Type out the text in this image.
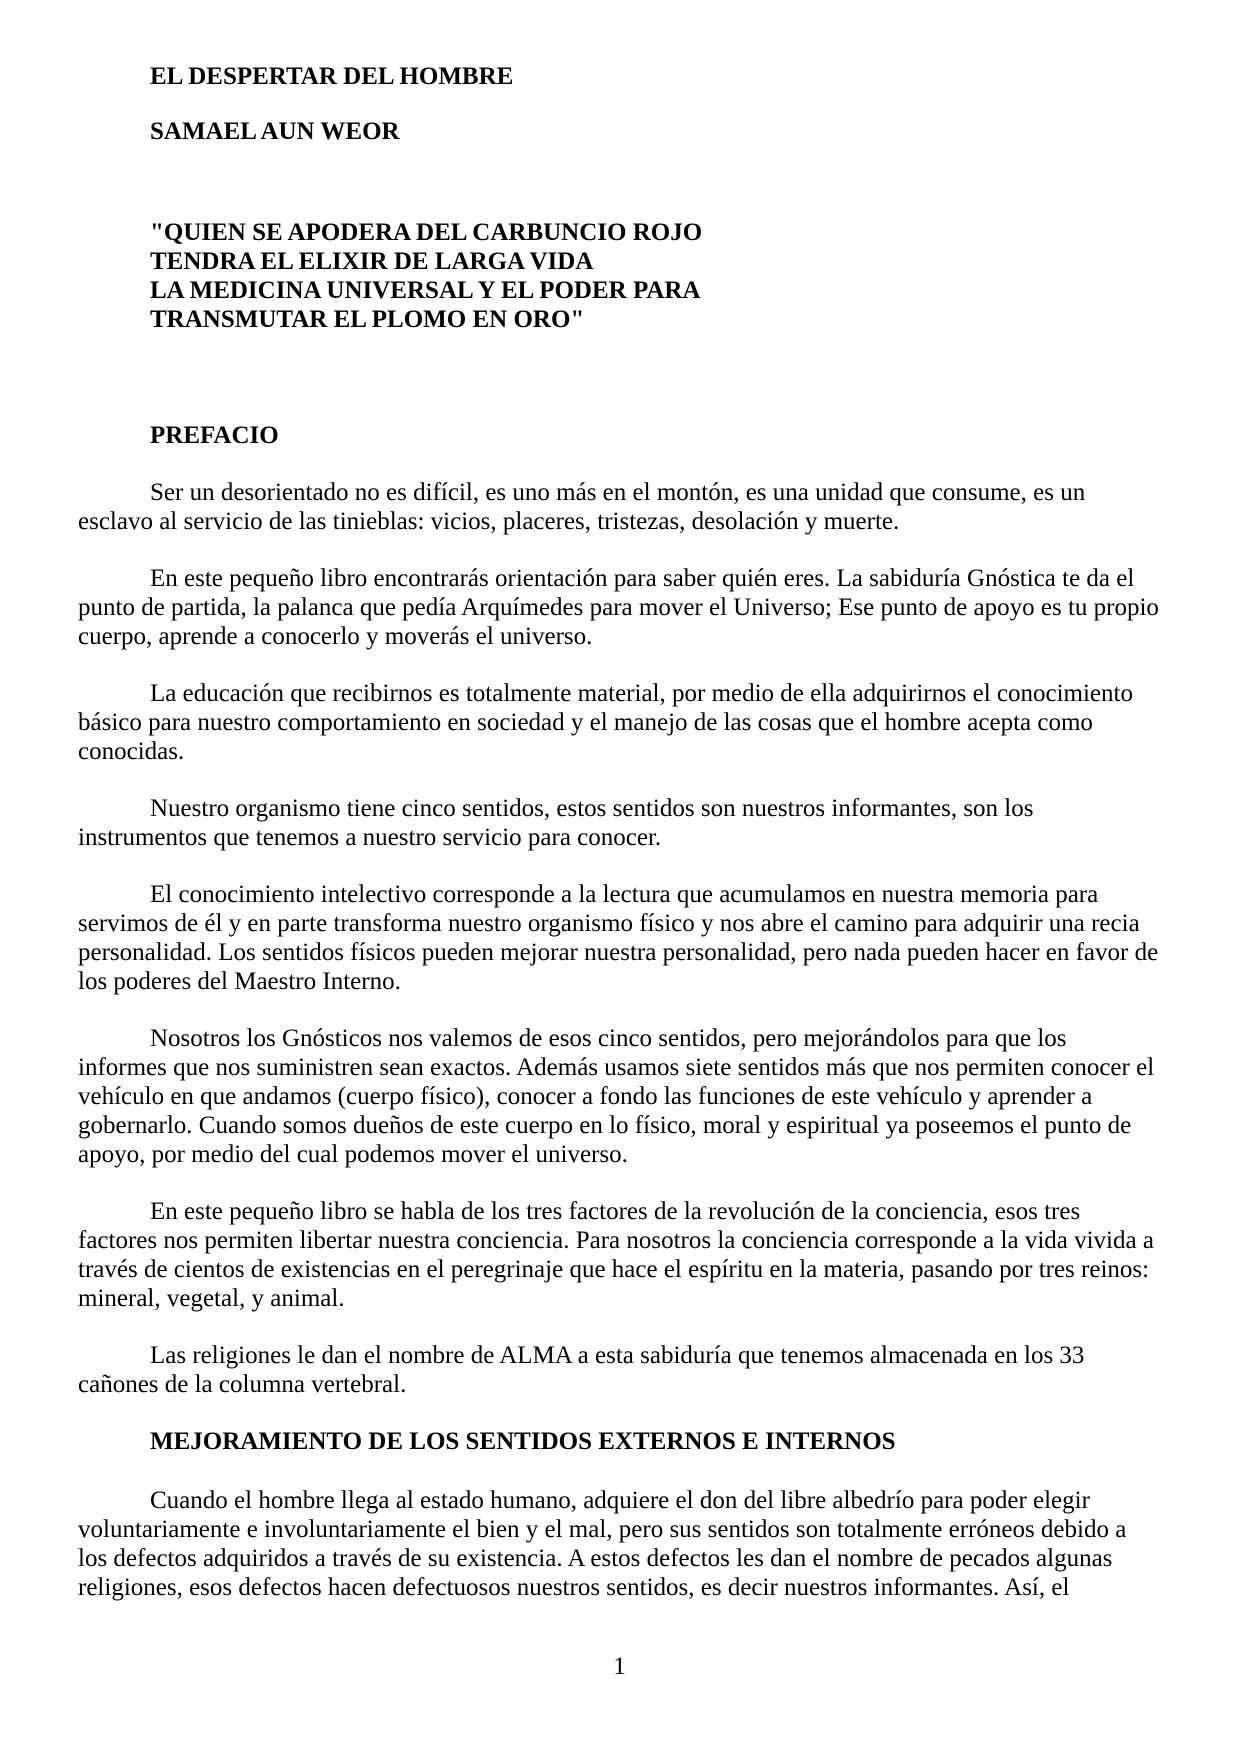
EL DESPERTAR DEL HOMBRE
SAMAEL AUN WEOR
"QUIEN SE APODERA DEL CARBUNCIO ROJO
TENDRA EL ELIXIR DE LARGA VIDA
LA MEDICINA UNIVERSAL Y EL PODER PARA
TRANSMUTAR EL PLOMO EN ORO"
PREFACIO

Ser un desorientado no es difícil, es uno más en el montón, es una unidad que consume, es un esclavo al servicio de las tinieblas: vicios, placeres, tristezas, desolación y muerte.

En este pequeño libro encontrarás orientación para saber quién eres. La sabiduría Gnóstica te da el punto de partida, la palanca que pedía Arquímedes para mover el Universo; Ese punto de apoyo es tu propio cuerpo, aprende a conocerlo y moverás el universo.

La educación que recibirnos es totalmente material, por medio de ella adquirirnos el conocimiento básico para nuestro comportamiento en sociedad y el manejo de las cosas que el hombre acepta como conocidas.

Nuestro organismo tiene cinco sentidos, estos sentidos son nuestros informantes, son los instrumentos que tenemos a nuestro servicio para conocer.

El conocimiento intelectivo corresponde a la lectura que acumulamos en nuestra memoria para servimos de él y en parte transforma nuestro organismo físico y nos abre el camino para adquirir una recia personalidad. Los sentidos físicos pueden mejorar nuestra personalidad, pero nada pueden hacer en favor de los poderes del Maestro Interno.

Nosotros los Gnósticos nos valemos de esos cinco sentidos, pero mejorándolos para que los informes que nos suministren sean exactos. Además usamos siete sentidos más que nos permiten conocer el vehículo en que andamos (cuerpo físico), conocer a fondo las funciones de este vehículo y aprender a gobernarlo. Cuando somos dueños de este cuerpo en lo físico, moral y espiritual ya poseemos el punto de apoyo, por medio del cual podemos mover el universo.

En este pequeño libro se habla de los tres factores de la revolución de la conciencia, esos tres factores nos permiten libertar nuestra conciencia. Para nosotros la conciencia corresponde a la vida vivida a través de cientos de existencias en el peregrinaje que hace el espíritu en la materia, pasando por tres reinos: mineral, vegetal, y animal.

Las religiones le dan el nombre de ALMA a esta sabiduría que tenemos almacenada en los 33 cañones de la columna vertebral.

MEJORAMIENTO DE LOS SENTIDOS EXTERNOS E INTERNOS

Cuando el hombre llega al estado humano, adquiere el don del libre albedrío para poder elegir voluntariamente e involuntariamente el bien y el mal, pero sus sentidos son totalmente erróneos debido a los defectos adquiridos a través de su existencia. A estos defectos les dan el nombre de pecados algunas religiones, esos defectos hacen defectuosos nuestros sentidos, es decir nuestros informantes. Así, el

1
